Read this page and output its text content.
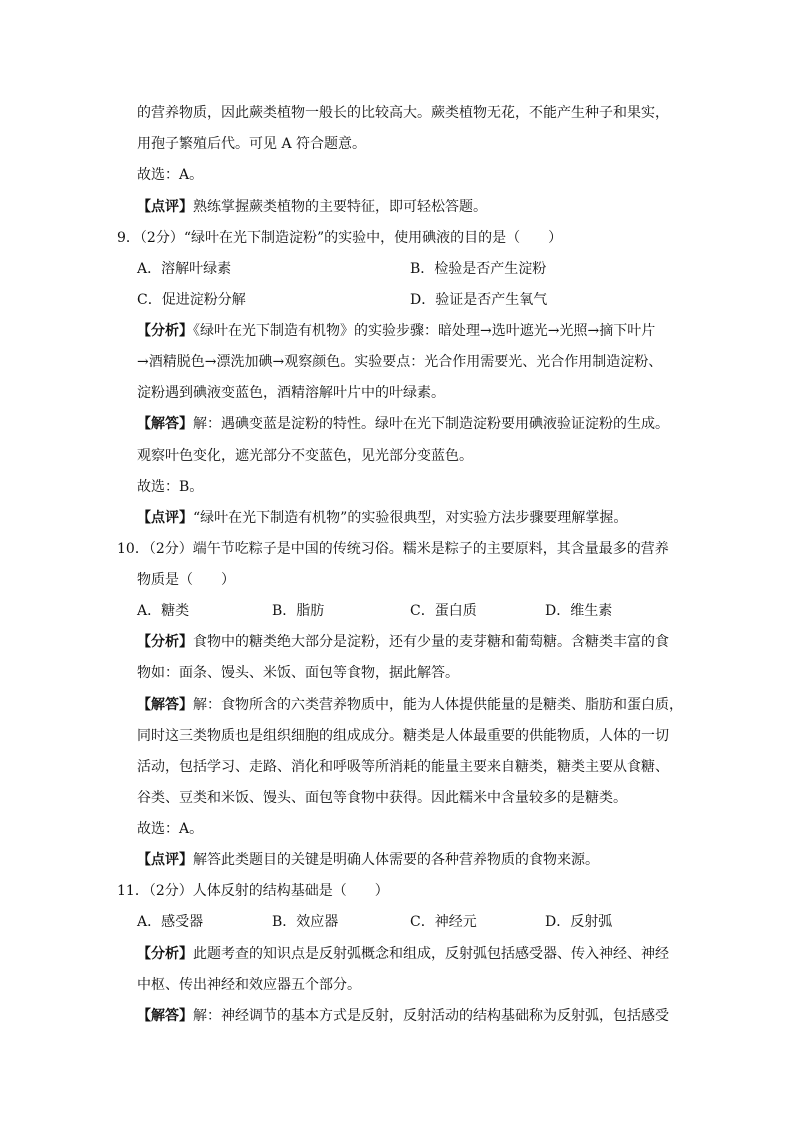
的营养物质，因此蕨类植物一般长的比较高大。蕨类植物无花，不能产生种子和果实，
用孢子繁殖后代。可见 A 符合题意。
故选：A。
【点评】熟练掌握蕨类植物的主要特征，即可轻松答题。
9．（2分）“绿叶在光下制造淀粉”的实验中，使用碘液的目的是（　　）
A．溶解叶绿素	B．检验是否产生淀粉
C．促进淀粉分解	D．验证是否产生氧气
【分析】《绿叶在光下制造有机物》的实验步骤：暗处理→选叶遮光→光照→摘下叶片
→酒精脱色→漂洗加碘→观察颜色。实验要点：光合作用需要光、光合作用制造淀粉、
淀粉遇到碘液变蓝色，酒精溶解叶片中的叶绿素。
【解答】解：遇碘变蓝是淀粉的特性。绿叶在光下制造淀粉要用碘液验证淀粉的生成。
观察叶色变化，遮光部分不变蓝色，见光部分变蓝色。
故选：B。
【点评】“绿叶在光下制造有机物”的实验很典型，对实验方法步骤要理解掌握。
10．（2分）端午节吃粽子是中国的传统习俗。糯米是粽子的主要原料，其含量最多的营养
物质是（　　）
A．糖类	B．脂肪	C．蛋白质	D．维生素
【分析】食物中的糖类绝大部分是淀粉，还有少量的麦芽糖和葡萄糖。含糖类丰富的食
物如：面条、馒头、米饭、面包等食物，据此解答。
【解答】解：食物所含的六类营养物质中，能为人体提供能量的是糖类、脂肪和蛋白质，
同时这三类物质也是组织细胞的组成成分。糖类是人体最重要的供能物质，人体的一切
活动，包括学习、走路、消化和呼吸等所消耗的能量主要来自糖类，糖类主要从食糖、
谷类、豆类和米饭、馒头、面包等食物中获得。因此糯米中含量较多的是糖类。
故选：A。
【点评】解答此类题目的关键是明确人体需要的各种营养物质的食物来源。
11．（2分）人体反射的结构基础是（　　）
A．感受器	B．效应器	C．神经元	D．反射弧
【分析】此题考查的知识点是反射弧概念和组成，反射弧包括感受器、传入神经、神经
中枢、传出神经和效应器五个部分。
【解答】解：神经调节的基本方式是反射，反射活动的结构基础称为反射弧，包括感受
